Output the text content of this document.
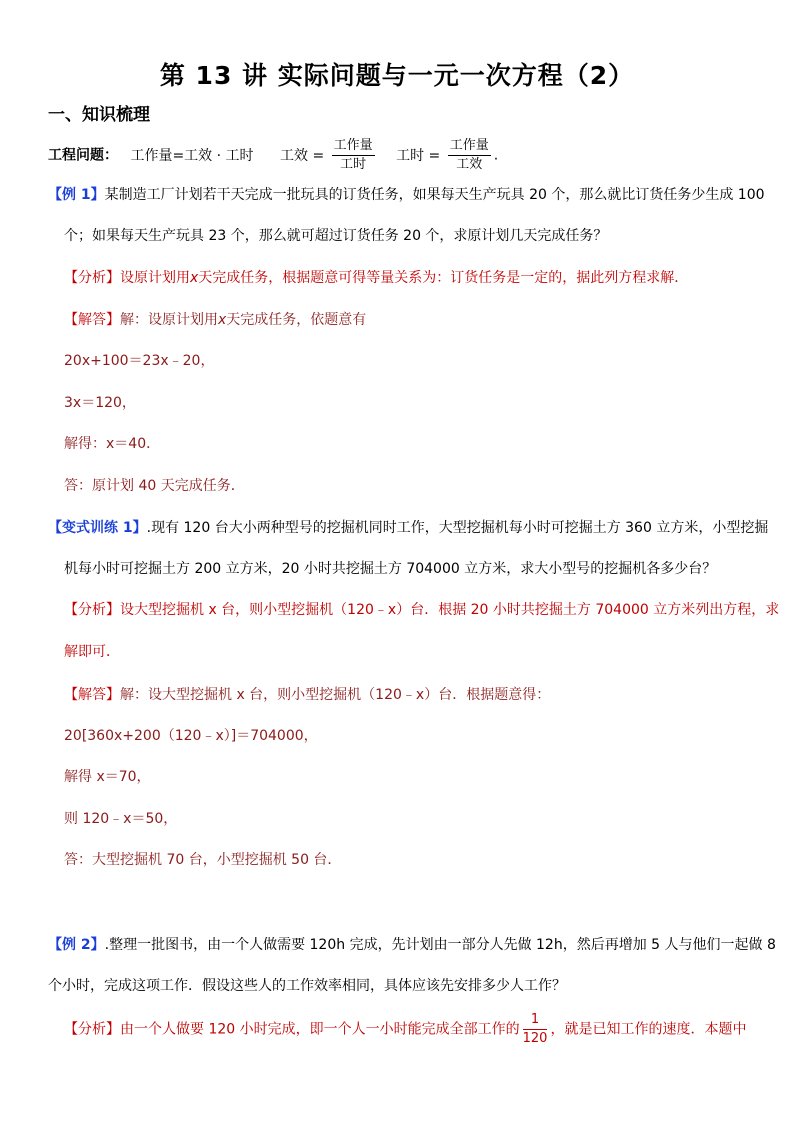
第 13 讲 实际问题与一元一次方程（2）
一、知识梳理
工程问题： 工作量=工效 · 工时 工效 = $\frac{\text{工作量}}{\text{工时}}$ 工时 = $\frac{\text{工作量}}{\text{工效}}$ .
【例 1】某制造工厂计划若干天完成一批玩具的订货任务，如果每天生产玩具 20 个，那么就比订货任务少生成 100
个；如果每天生产玩具 23 个，那么就可超过订货任务 20 个，求原计划几天完成任务？
【分析】设原计划用x天完成任务，根据题意可得等量关系为：订货任务是一定的，据此列方程求解．
【解答】解：设原计划用x天完成任务，依题意有
20x+100＝23x﹣20，
3x＝120，
解得：x＝40．
答：原计划 40 天完成任务．
【变式训练 1】.现有 120 台大小两种型号的挖掘机同时工作，大型挖掘机每小时可挖掘土方 360 立方米，小型挖掘
机每小时可挖掘土方 200 立方米，20 小时共挖掘土方 704000 立方米，求大小型号的挖掘机各多少台？
【分析】设大型挖掘机 x 台，则小型挖掘机（120﹣x）台．根据 20 小时共挖掘土方 704000 立方米列出方程，求
解即可．
【解答】解：设大型挖掘机 x 台，则小型挖掘机（120﹣x）台．根据题意得：
20[360x+200（120﹣x）]＝704000，
解得 x＝70，
则 120﹣x＝50，
答：大型挖掘机 70 台，小型挖掘机 50 台．
【例 2】.整理一批图书，由一个人做需要 120h 完成，先计划由一部分人先做 12h，然后再增加 5 人与他们一起做 8
个小时，完成这项工作．假设这些人的工作效率相同，具体应该先安排多少人工作？
【分析】由一个人做要 120 小时完成，即一个人一小时能完成全部工作的 $\frac{1}{120}$ ，就是已知工作的速度．本题中
